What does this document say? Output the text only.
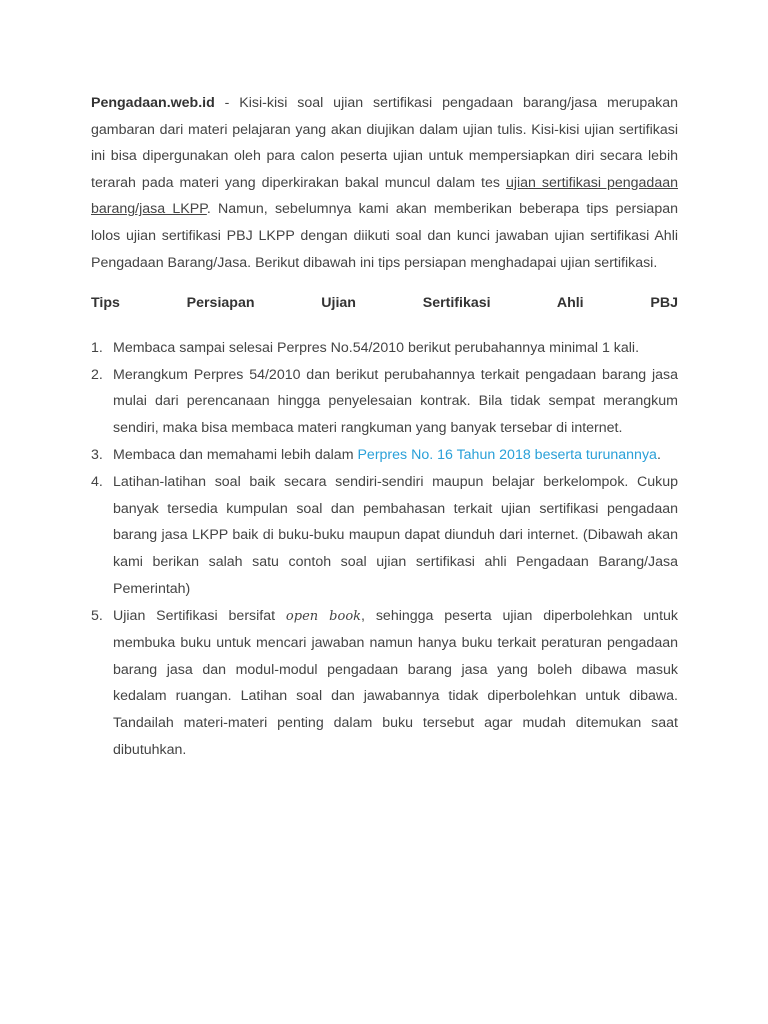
Pengadaan.web.id - Kisi-kisi soal ujian sertifikasi pengadaan barang/jasa merupakan gambaran dari materi pelajaran yang akan diujikan dalam ujian tulis. Kisi-kisi ujian sertifikasi ini bisa dipergunakan oleh para calon peserta ujian untuk mempersiapkan diri secara lebih terarah pada materi yang diperkirakan bakal muncul dalam tes ujian sertifikasi pengadaan barang/jasa LKPP. Namun, sebelumnya kami akan memberikan beberapa tips persiapan lolos ujian sertifikasi PBJ LKPP dengan diikuti soal dan kunci jawaban ujian sertifikasi Ahli Pengadaan Barang/Jasa. Berikut dibawah ini tips persiapan menghadapai ujian sertifikasi.

Tips Persiapan Ujian Sertifikasi Ahli PBJ
1. Membaca sampai selesai Perpres No.54/2010 berikut perubahannya minimal 1 kali.
2. Merangkum Perpres 54/2010 dan berikut perubahannya terkait pengadaan barang jasa mulai dari perencanaan hingga penyelesaian kontrak. Bila tidak sempat merangkum sendiri, maka bisa membaca materi rangkuman yang banyak tersebar di internet.
3. Membaca dan memahami lebih dalam Perpres No. 16 Tahun 2018 beserta turunannya.
4. Latihan-latihan soal baik secara sendiri-sendiri maupun belajar berkelompok. Cukup banyak tersedia kumpulan soal dan pembahasan terkait ujian sertifikasi pengadaan barang jasa LKPP baik di buku-buku maupun dapat diunduh dari internet. (Dibawah akan kami berikan salah satu contoh soal ujian sertifikasi ahli Pengadaan Barang/Jasa Pemerintah)
5. Ujian Sertifikasi bersifat open book, sehingga peserta ujian diperbolehkan untuk membuka buku untuk mencari jawaban namun hanya buku terkait peraturan pengadaan barang jasa dan modul-modul pengadaan barang jasa yang boleh dibawa masuk kedalam ruangan. Latihan soal dan jawabannya tidak diperbolehkan untuk dibawa. Tandailah materi-materi penting dalam buku tersebut agar mudah ditemukan saat dibutuhkan.
